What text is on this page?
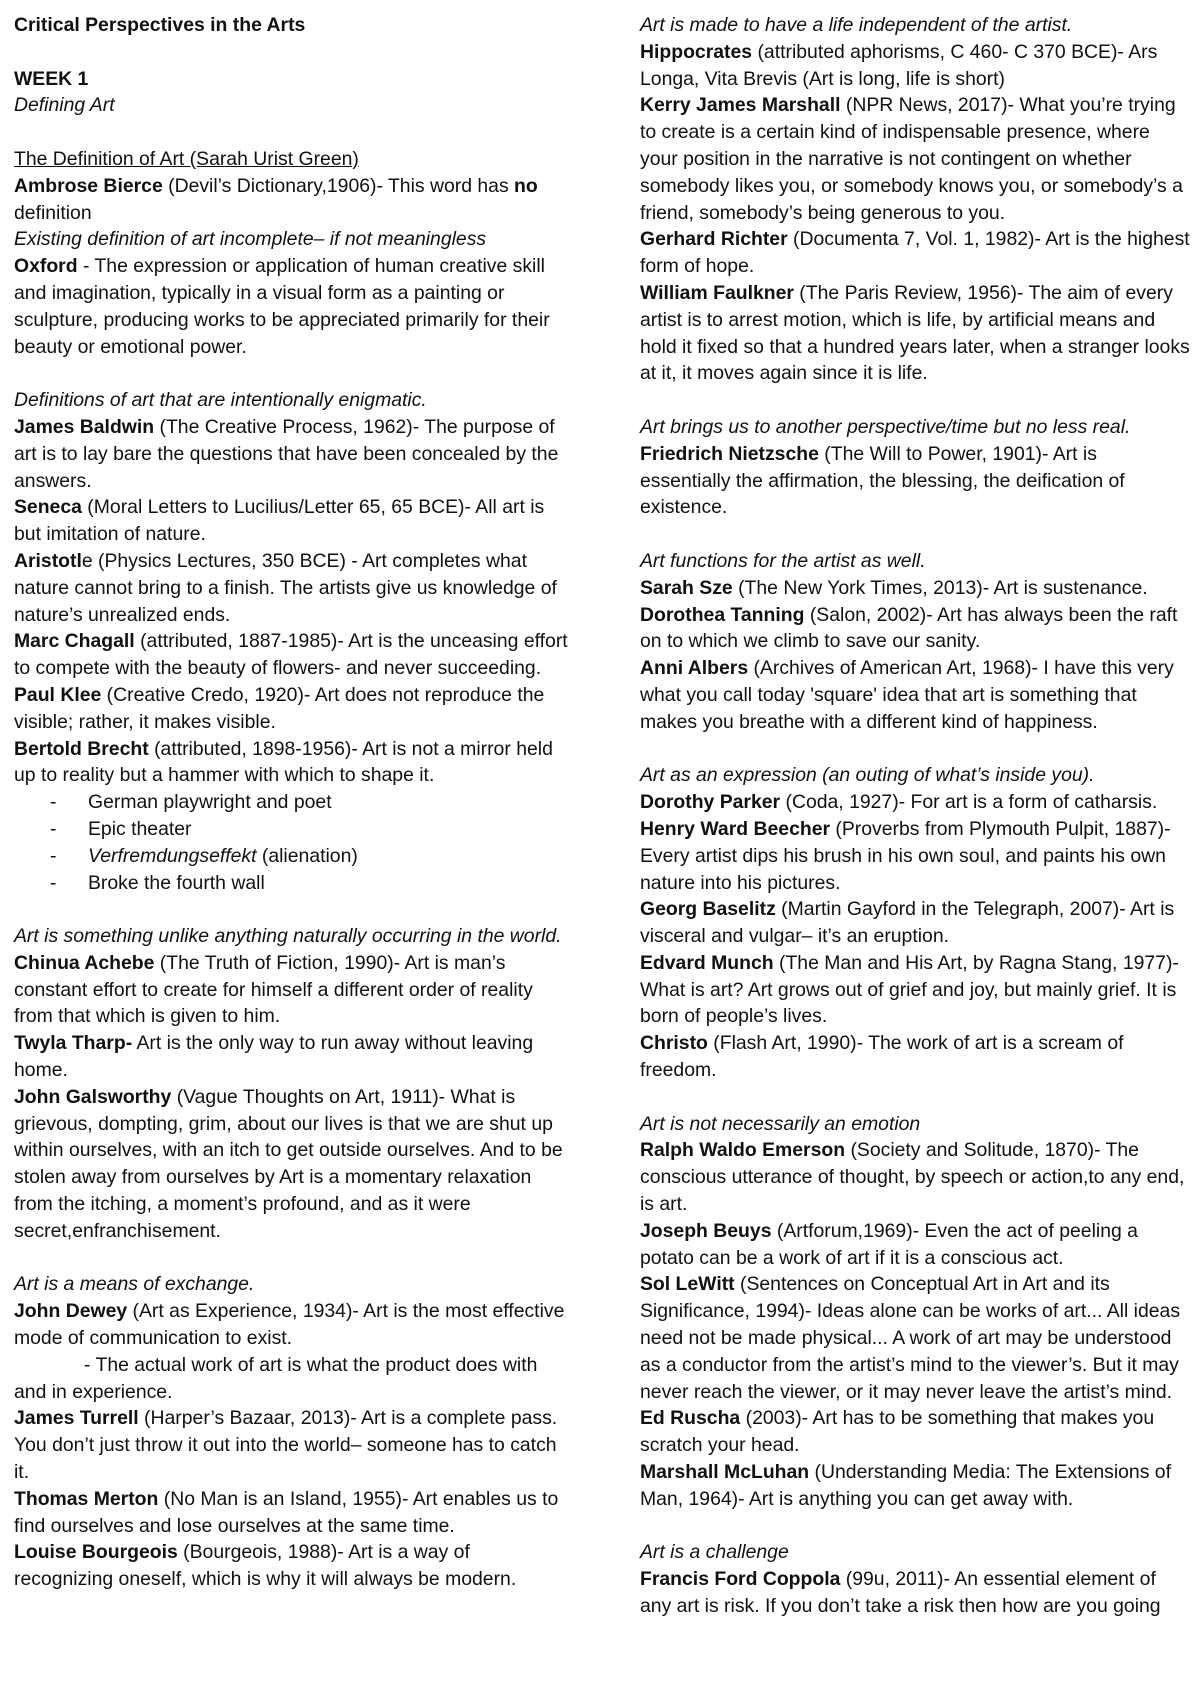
Critical Perspectives in the Arts

WEEK 1

Defining Art

The Definition of Art (Sarah Urist Green)

Ambrose Bierce (Devil’s Dictionary,1906)- This word has no definition

Existing definition of art incomplete– if not meaningless

Oxford - The expression or application of human creative skill and imagination, typically in a visual form as a painting or sculpture, producing works to be appreciated primarily for their beauty or emotional power.

Definitions of art that are intentionally enigmatic.

James Baldwin (The Creative Process, 1962)- The purpose of art is to lay bare the questions that have been concealed by the answers.

Seneca (Moral Letters to Lucilius/Letter 65, 65 BCE)- All art is but imitation of nature.

Aristotle (Physics Lectures, 350 BCE) - Art completes what nature cannot bring to a finish. The artists give us knowledge of nature’s unrealized ends.

Marc Chagall (attributed, 1887-1985)- Art is the unceasing effort to compete with the beauty of flowers- and never succeeding.

Paul Klee (Creative Credo, 1920)- Art does not reproduce the visible; rather, it makes visible.

Bertold Brecht (attributed, 1898-1956)- Art is not a mirror held up to reality but a hammer with which to shape it.

- German playwright and poet
- Epic theater
- Verfremdungseffekt (alienation)
- Broke the fourth wall

Art is something unlike anything naturally occurring in the world.

Chinua Achebe (The Truth of Fiction, 1990)- Art is man’s constant effort to create for himself a different order of reality from that which is given to him.

Twyla Tharp- Art is the only way to run away without leaving home.

John Galsworthy (Vague Thoughts on Art, 1911)- What is grievous, dompting, grim, about our lives is that we are shut up within ourselves, with an itch to get outside ourselves. And to be stolen away from ourselves by Art is a momentary relaxation from the itching, a moment’s profound, and as it were secret,enfranchisement.

Art is a means of exchange.

John Dewey (Art as Experience, 1934)- Art is the most effective mode of communication to exist.

- The actual work of art is what the product does with

and in experience.

James Turrell (Harper’s Bazaar, 2013)- Art is a complete pass. You don’t just throw it out into the world– someone has to catch it.

Thomas Merton (No Man is an Island, 1955)- Art enables us to find ourselves and lose ourselves at the same time.

Louise Bourgeois (Bourgeois, 1988)- Art is a way of recognizing oneself, which is why it will always be modern.

Art is made to have a life independent of the artist.

Hippocrates (attributed aphorisms, C 460- C 370 BCE)- Ars Longa, Vita Brevis (Art is long, life is short)

Kerry James Marshall (NPR News, 2017)- What you’re trying to create is a certain kind of indispensable presence, where your position in the narrative is not contingent on whether somebody likes you, or somebody knows you, or somebody’s a friend, somebody’s being generous to you.

Gerhard Richter (Documenta 7, Vol. 1, 1982)- Art is the highest form of hope.

William Faulkner (The Paris Review, 1956)- The aim of every artist is to arrest motion, which is life, by artificial means and hold it fixed so that a hundred years later, when a stranger looks at it, it moves again since it is life.

Art brings us to another perspective/time but no less real.

Friedrich Nietzsche (The Will to Power, 1901)- Art is essentially the affirmation, the blessing, the deification of existence.

Art functions for the artist as well.

Sarah Sze (The New York Times, 2013)- Art is sustenance.

Dorothea Tanning (Salon, 2002)- Art has always been the raft on to which we climb to save our sanity.

Anni Albers (Archives of American Art, 1968)- I have this very what you call today 'square' idea that art is something that makes you breathe with a different kind of happiness.

Art as an expression (an outing of what’s inside you).

Dorothy Parker (Coda, 1927)- For art is a form of catharsis.

Henry Ward Beecher (Proverbs from Plymouth Pulpit, 1887)- Every artist dips his brush in his own soul, and paints his own nature into his pictures.

Georg Baselitz (Martin Gayford in the Telegraph, 2007)- Art is visceral and vulgar– it’s an eruption.

Edvard Munch (The Man and His Art, by Ragna Stang, 1977)- What is art? Art grows out of grief and joy, but mainly grief. It is born of people’s lives.

Christo (Flash Art, 1990)- The work of art is a scream of freedom.

Art is not necessarily an emotion

Ralph Waldo Emerson (Society and Solitude, 1870)- The conscious utterance of thought, by speech or action,to any end, is art.

Joseph Beuys (Artforum,1969)- Even the act of peeling a potato can be a work of art if it is a conscious act.

Sol LeWitt (Sentences on Conceptual Art in Art and its Significance, 1994)- Ideas alone can be works of art... All ideas need not be made physical... A work of art may be understood as a conductor from the artist’s mind to the viewer’s. But it may never reach the viewer, or it may never leave the artist’s mind.

Ed Ruscha (2003)- Art has to be something that makes you scratch your head.

Marshall McLuhan (Understanding Media: The Extensions of Man, 1964)- Art is anything you can get away with.

Art is a challenge

Francis Ford Coppola (99u, 2011)- An essential element of any art is risk. If you don’t take a risk then how are you going
